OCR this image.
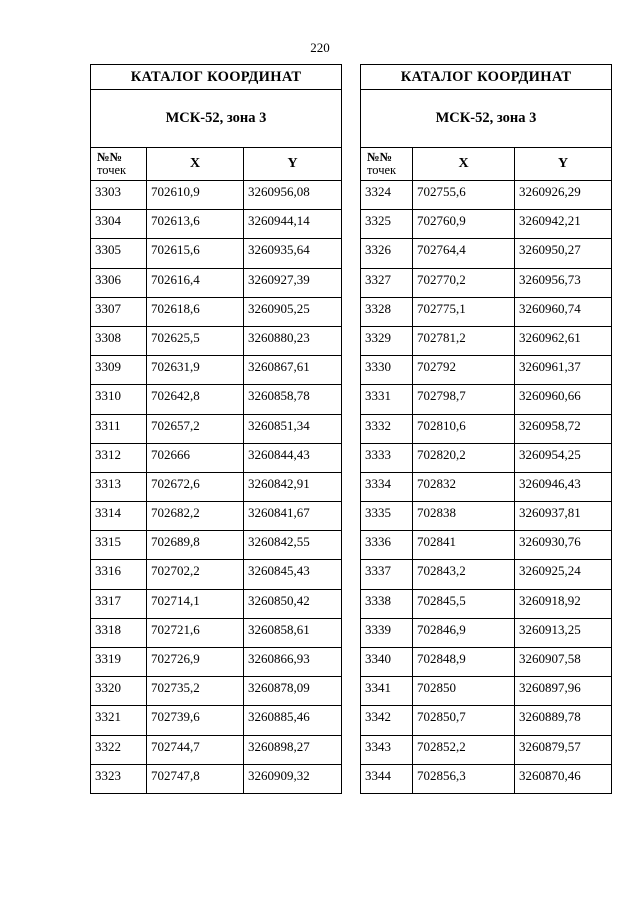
220
КАТАЛОГ КООРДИНАТ		
МСК-52, зона 3		

№№
точек	X	Y
3303	702610,9	3260956,08
3304	702613,6	3260944,14
3305	702615,6	3260935,64
3306	702616,4	3260927,39
3307	702618,6	3260905,25
3308	702625,5	3260880,23
3309	702631,9	3260867,61
3310	702642,8	3260858,78
3311	702657,2	3260851,34
3312	702666	3260844,43
3313	702672,6	3260842,91
3314	702682,2	3260841,67
3315	702689,8	3260842,55
3316	702702,2	3260845,43
3317	702714,1	3260850,42
3318	702721,6	3260858,61
3319	702726,9	3260866,93
3320	702735,2	3260878,09
3321	702739,6	3260885,46
3322	702744,7	3260898,27
3323	702747,8	3260909,32
КАТАЛОГ КООРДИНАТ		
МСК-52, зона 3		

№№
точек	X	Y
3324	702755,6	3260926,29
3325	702760,9	3260942,21
3326	702764,4	3260950,27
3327	702770,2	3260956,73
3328	702775,1	3260960,74
3329	702781,2	3260962,61
3330	702792	3260961,37
3331	702798,7	3260960,66
3332	702810,6	3260958,72
3333	702820,2	3260954,25
3334	702832	3260946,43
3335	702838	3260937,81
3336	702841	3260930,76
3337	702843,2	3260925,24
3338	702845,5	3260918,92
3339	702846,9	3260913,25
3340	702848,9	3260907,58
3341	702850	3260897,96
3342	702850,7	3260889,78
3343	702852,2	3260879,57
3344	702856,3	3260870,46
